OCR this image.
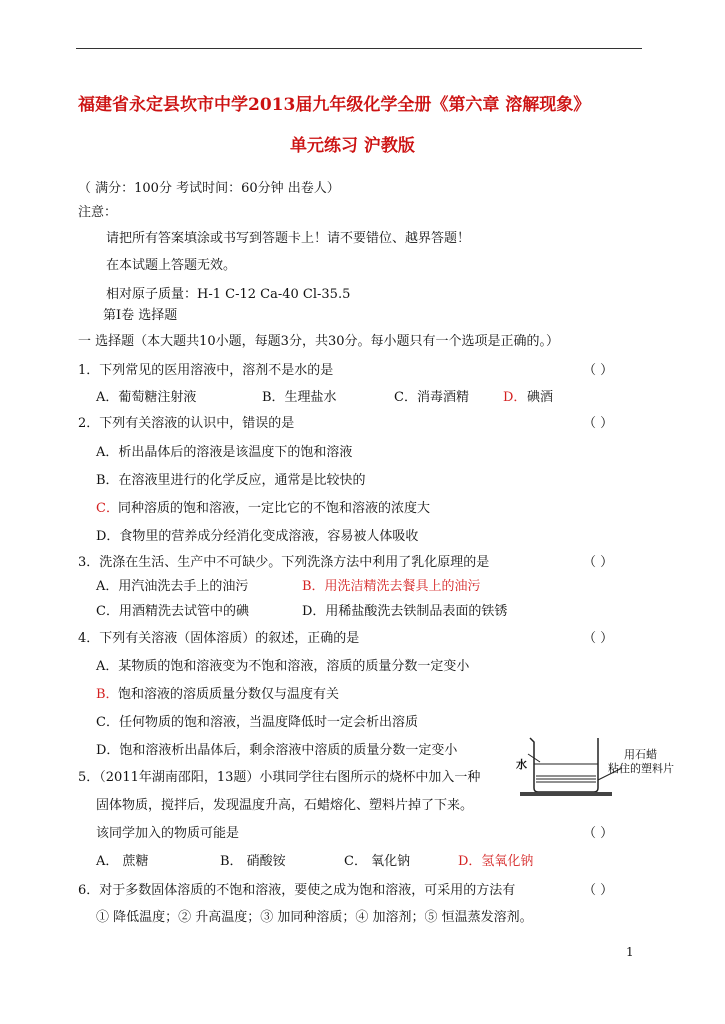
福建省永定县坎市中学2013届九年级化学全册《第六章 溶解现象》
单元练习 沪教版
（ 满分：100分 考试时间：60分钟 出卷人）
注意：
请把所有答案填涂或书写到答题卡上！请不要错位、越界答题！
在本试题上答题无效。
相对原子质量：H-1 C-12 Ca-40 Cl-35.5
第Ⅰ卷 选择题
一 选择题（本大题共10小题，每题3分，共30分。每小题只有一个选项是正确的。）
1．下列常见的医用溶液中，溶剂不是水的是	（ ）
A．葡萄糖注射液	B．生理盐水	C．消毒酒精	D． 碘酒
2．下列有关溶液的认识中，错误的是	（ ）
A．析出晶体后的溶液是该温度下的饱和溶液
B．在溶液里进行的化学反应，通常是比较快的
C． 同种溶质的饱和溶液，一定比它的不饱和溶液的浓度大
D．食物里的营养成分经消化变成溶液，容易被人体吸收
3．洗涤在生活、生产中不可缺少。下列洗涤方法中利用了乳化原理的是	（ ）
A．用汽油洗去手上的油污	B．用洗洁精洗去餐具上的油污
C．用酒精洗去试管中的碘	D．用稀盐酸洗去铁制品表面的铁锈
4．下列有关溶液（固体溶质）的叙述，正确的是	（ ）
A．某物质的饱和溶液变为不饱和溶液，溶质的质量分数一定变小
B． 饱和溶液的溶质质量分数仅与温度有关
C．任何物质的饱和溶液，当温度降低时一定会析出溶质
D．饱和溶液析出晶体后，剩余溶液中溶质的质量分数一定变小
5．（2011年湖南邵阳，13题）小琪同学往右图所示的烧杯中加入一种
固体物质，搅拌后，发现温度升高，石蜡熔化、塑料片掉了下来。
该同学加入的物质可能是	（ ）
A． 蔗糖	B． 硝酸铵	C． 氧化钠	D．氢氧化钠
水
用石蜡
粘住的塑料片
6．对于多数固体溶质的不饱和溶液，要使之成为饱和溶液，可采用的方法有	（ ）
① 降低温度；② 升高温度；③ 加同种溶质；④ 加溶剂；⑤ 恒温蒸发溶剂。
1
